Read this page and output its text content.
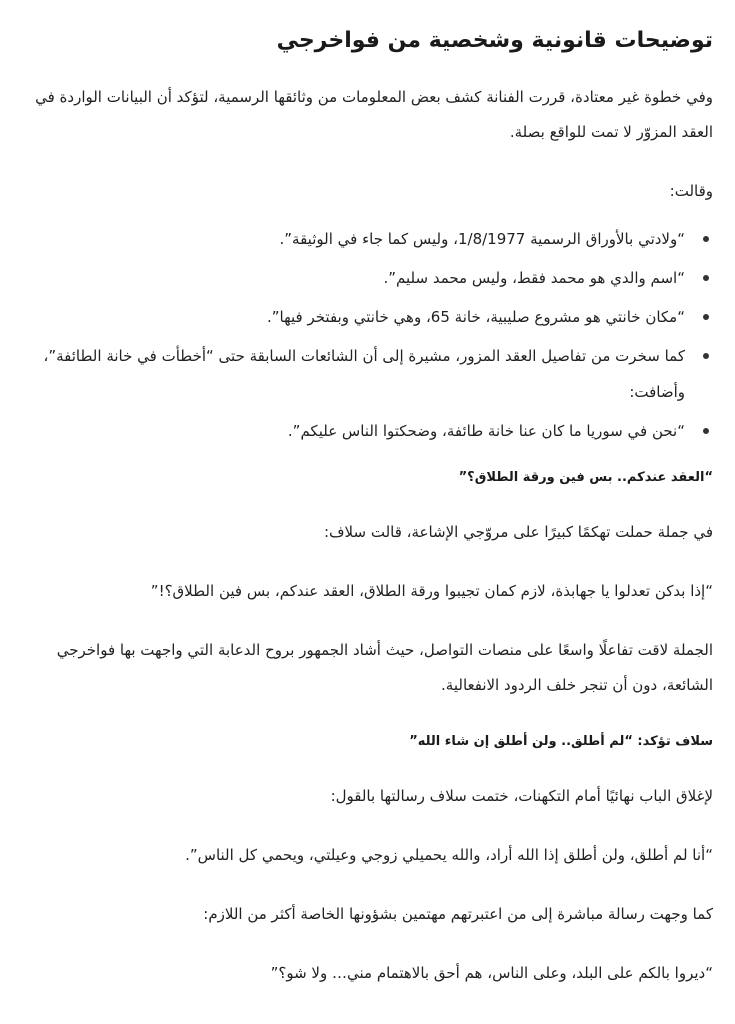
توضيحات قانونية وشخصية من فواخرجي

وفي خطوة غير معتادة، قررت الفنانة كشف بعض المعلومات من وثائقها الرسمية، لتؤكد أن البيانات الواردة في العقد المزوّر لا تمت للواقع بصلة.

وقالت:

“ولادتي بالأوراق الرسمية 1/8/1977، وليس كما جاء في الوثيقة”.
“اسم والدي هو محمد فقط، وليس محمد سليم”.
“مكان خانتي هو مشروع صليبية، خانة 65، وهي خانتي وبفتخر فيها”.
كما سخرت من تفاصيل العقد المزور، مشيرة إلى أن الشائعات السابقة حتى “أخطأت في خانة الطائفة”، وأضافت:
“نحن في سوريا ما كان عنا خانة طائفة، وضحكتوا الناس عليكم”.
“العقد عندكم.. بس فين ورقة الطلاق؟”

في جملة حملت تهكمًا كبيرًا على مروّجي الإشاعة، قالت سلاف:

“إذا بدكن تعدلوا يا جهابذة، لازم كمان تجيبوا ورقة الطلاق، العقد عندكم، بس فين الطلاق؟!”

الجملة لاقت تفاعلًا واسعًا على منصات التواصل، حيث أشاد الجمهور بروح الدعابة التي واجهت بها فواخرجي الشائعة، دون أن تنجر خلف الردود الانفعالية.

سلاف تؤكد: “لم أطلق.. ولن أطلق إن شاء الله”

لإغلاق الباب نهائيًا أمام التكهنات، ختمت سلاف رسالتها بالقول:

“أنا لم أطلق، ولن أطلق إذا الله أراد، والله يحميلي زوجي وعيلتي، ويحمي كل الناس”.

كما وجهت رسالة مباشرة إلى من اعتبرتهم مهتمين بشؤونها الخاصة أكثر من اللازم:

“ديروا بالكم على البلد، وعلى الناس، هم أحق بالاهتمام مني… ولا شو؟”
